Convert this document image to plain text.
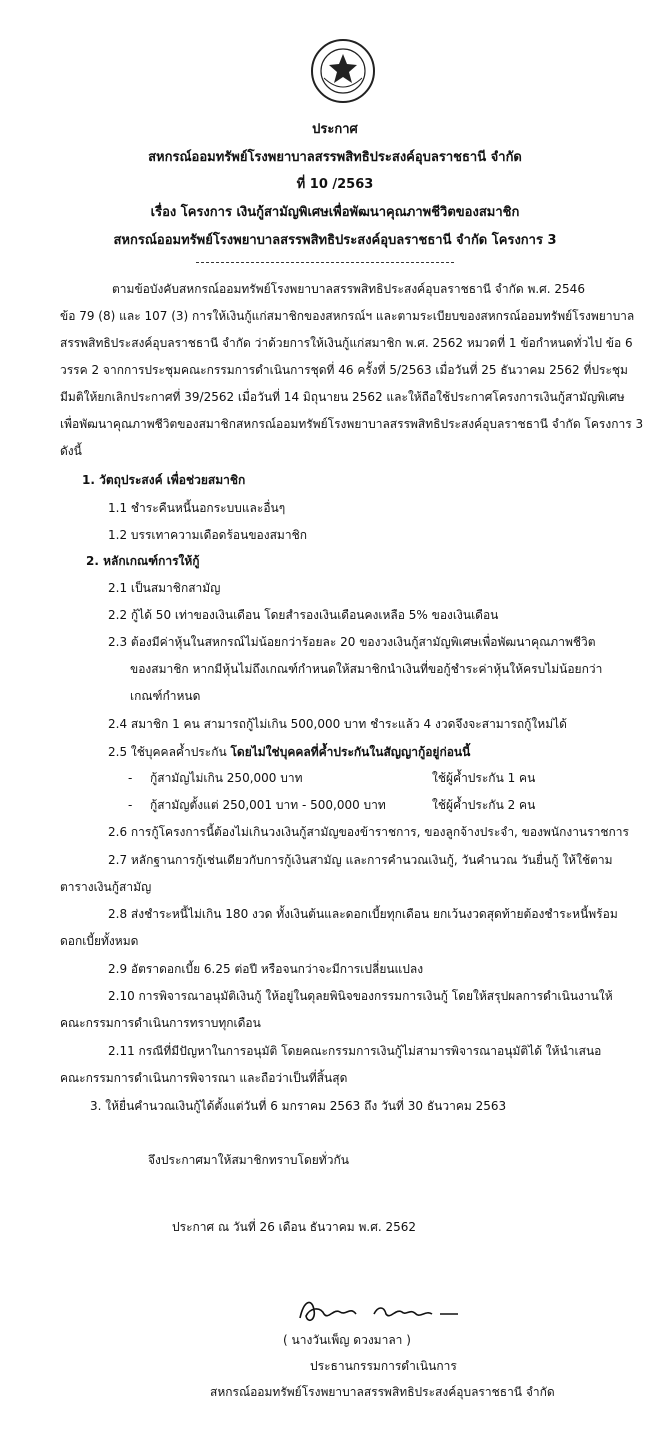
ประกาศ
สหกรณ์ออมทรัพย์โรงพยาบาลสรรพสิทธิประสงค์อุบลราชธานี จำกัด
ที่ 10 /2563
เรื่อง โครงการ เงินกู้สามัญพิเศษเพื่อพัฒนาคุณภาพชีวิตของสมาชิก
สหกรณ์ออมทรัพย์โรงพยาบาลสรรพสิทธิประสงค์อุบลราชธานี จำกัด โครงการ 3
ตามข้อบังคับสหกรณ์ออมทรัพย์โรงพยาบาลสรรพสิทธิประสงค์อุบลราชธานี จำกัด พ.ศ. 2546
ข้อ 79 (8) และ 107 (3) การให้เงินกู้แก่สมาชิกของสหกรณ์ฯ และตามระเบียบของสหกรณ์ออมทรัพย์โรงพยาบาล
สรรพสิทธิประสงค์อุบลราชธานี จำกัด ว่าด้วยการให้เงินกู้แก่สมาชิก พ.ศ. 2562 หมวดที่ 1 ข้อกำหนดทั่วไป ข้อ 6
วรรค 2 จากการประชุมคณะกรรมการดำเนินการชุดที่ 46 ครั้งที่ 5/2563 เมื่อวันที่ 25 ธันวาคม 2562 ที่ประชุม
มีมติให้ยกเลิกประกาศที่ 39/2562 เมื่อวันที่ 14 มิถุนายน 2562 และให้ถือใช้ประกาศโครงการเงินกู้สามัญพิเศษ
เพื่อพัฒนาคุณภาพชีวิตของสมาชิกสหกรณ์ออมทรัพย์โรงพยาบาลสรรพสิทธิประสงค์อุบลราชธานี จำกัด โครงการ 3
ดังนี้
1. วัตถุประสงค์ เพื่อช่วยสมาชิก
1.1 ชำระคืนหนี้นอกระบบและอื่นๆ
1.2 บรรเทาความเดือดร้อนของสมาชิก
2. หลักเกณฑ์การให้กู้
2.1 เป็นสมาชิกสามัญ
2.2 กู้ได้ 50 เท่าของเงินเดือน โดยสำรองเงินเดือนคงเหลือ 5% ของเงินเดือน
2.3 ต้องมีค่าหุ้นในสหกรณ์ไม่น้อยกว่าร้อยละ 20 ของวงเงินกู้สามัญพิเศษเพื่อพัฒนาคุณภาพชีวิต
ของสมาชิก หากมีหุ้นไม่ถึงเกณฑ์กำหนดให้สมาชิกนำเงินที่ขอกู้ชำระค่าหุ้นให้ครบไม่น้อยกว่า
เกณฑ์กำหนด
2.4 สมาชิก 1 คน สามารถกู้ไม่เกิน 500,000 บาท ชำระแล้ว 4 งวดจึงจะสามารถกู้ใหม่ได้
2.5 ใช้บุคคลค้ำประกัน โดยไม่ใช่บุคคลที่ค้ำประกันในสัญญากู้อยู่ก่อนนี้
- กู้สามัญไม่เกิน 250,000 บาท	ใช้ผู้ค้ำประกัน 1 คน
- กู้สามัญตั้งแต่ 250,001 บาท - 500,000 บาท	ใช้ผู้ค้ำประกัน 2 คน
2.6 การกู้โครงการนี้ต้องไม่เกินวงเงินกู้สามัญของข้าราชการ, ของลูกจ้างประจำ, ของพนักงานราชการ
2.7 หลักฐานการกู้เช่นเดียวกับการกู้เงินสามัญ และการคำนวณเงินกู้, วันคำนวณ วันยื่นกู้ ให้ใช้ตาม
ตารางเงินกู้สามัญ
2.8 ส่งชำระหนี้ไม่เกิน 180 งวด ทั้งเงินต้นและดอกเบี้ยทุกเดือน ยกเว้นงวดสุดท้ายต้องชำระหนี้พร้อม
ดอกเบี้ยทั้งหมด
2.9 อัตราดอกเบี้ย 6.25 ต่อปี หรือจนกว่าจะมีการเปลี่ยนแปลง
2.10 การพิจารณาอนุมัติเงินกู้ ให้อยู่ในดุลยพินิจของกรรมการเงินกู้ โดยให้สรุปผลการดำเนินงานให้
คณะกรรมการดำเนินการทราบทุกเดือน
2.11 กรณีที่มีปัญหาในการอนุมัติ โดยคณะกรรมการเงินกู้ไม่สามารพิจารณาอนุมัติได้ ให้นำเสนอ
คณะกรรมการดำเนินการพิจารณา และถือว่าเป็นที่สิ้นสุด
3. ให้ยื่นคำนวณเงินกู้ได้ตั้งแต่วันที่ 6 มกราคม 2563 ถึง วันที่ 30 ธันวาคม 2563
จึงประกาศมาให้สมาชิกทราบโดยทั่วกัน
ประกาศ ณ วันที่ 26 เดือน ธันวาคม พ.ศ. 2562
( นางวันเพ็ญ ดวงมาลา )
ประธานกรรมการดำเนินการ
สหกรณ์ออมทรัพย์โรงพยาบาลสรรพสิทธิประสงค์อุบลราชธานี จำกัด
